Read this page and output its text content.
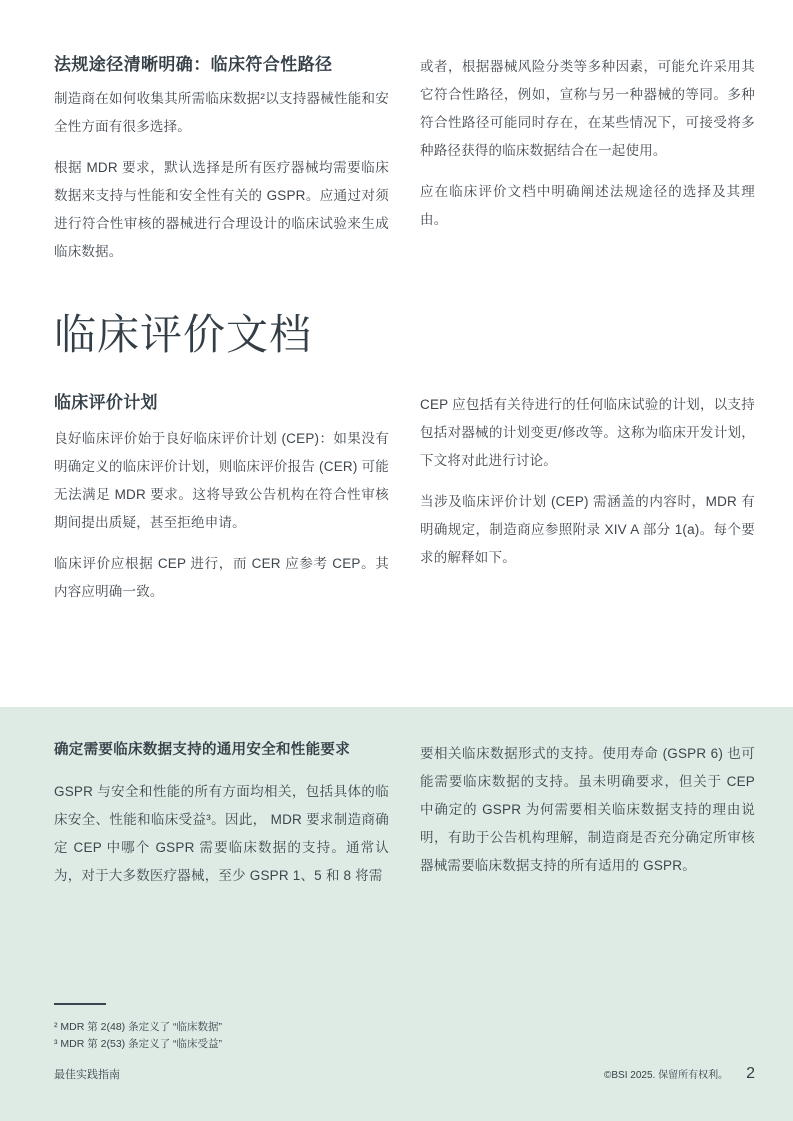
法规途径清晰明确：临床符合性路径

制造商在如何收集其所需临床数据²以支持器械性能和安全性方面有很多选择。

根据 MDR 要求，默认选择是所有医疗器械均需要临床数据来支持与性能和安全性有关的 GSPR。应通过对须进行符合性审核的器械进行合理设计的临床试验来生成临床数据。

或者，根据器械风险分类等多种因素，可能允许采用其它符合性路径，例如，宣称与另一种器械的等同。多种符合性路径可能同时存在，在某些情况下，可接受将多种路径获得的临床数据结合在一起使用。

应在临床评价文档中明确阐述法规途径的选择及其理由。

临床评价文档
临床评价计划

良好临床评价始于良好临床评价计划 (CEP)：如果没有明确定义的临床评价计划，则临床评价报告 (CER) 可能无法满足 MDR 要求。这将导致公告机构在符合性审核期间提出质疑，甚至拒绝申请。

临床评价应根据 CEP 进行，而 CER 应参考 CEP。其内容应明确一致。

CEP 应包括有关待进行的任何临床试验的计划，以支持包括对器械的计划变更/修改等。这称为临床开发计划，下文将对此进行讨论。

当涉及临床评价计划 (CEP) 需涵盖的内容时，MDR 有明确规定，制造商应参照附录 XIV A 部分 1(a)。每个要求的解释如下。

确定需要临床数据支持的通用安全和性能要求

GSPR 与安全和性能的所有方面均相关，包括具体的临床安全、性能和临床受益³。因此， MDR 要求制造商确定 CEP 中哪个 GSPR 需要临床数据的支持。通常认为，对于大多数医疗器械，至少 GSPR 1、5 和 8 将需

要相关临床数据形式的支持。使用寿命 (GSPR 6) 也可能需要临床数据的支持。虽未明确要求，但关于 CEP 中确定的 GSPR 为何需要相关临床数据支持的理由说明，有助于公告机构理解，制造商是否充分确定所审核器械需要临床数据支持的所有适用的 GSPR。

² MDR 第 2(48) 条定义了 “临床数据”

³ MDR 第 2(53) 条定义了 “临床受益”

最佳实践指南	©BSI 2025. 保留所有权利。 2
